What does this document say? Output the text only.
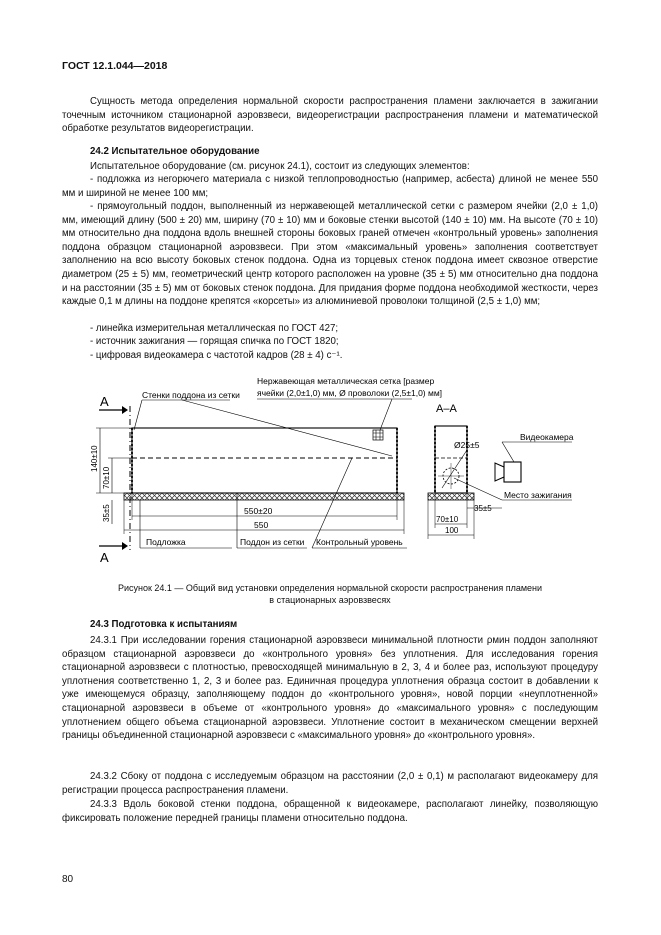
ГОСТ 12.1.044—2018
Сущность метода определения нормальной скорости распространения пламени заключается в зажигании точечным источником стационарной аэровзвеси, видеорегистрации распространения пламени и математической обработке результатов видеорегистрации.
24.2 Испытательное оборудование
Испытательное оборудование (см. рисунок 24.1), состоит из следующих элементов:
- подложка из негорючего материала с низкой теплопроводностью (например, асбеста) длиной не менее 550 мм и шириной не менее 100 мм;
- прямоугольный поддон, выполненный из нержавеющей металлической сетки с размером ячейки (2,0 ± 1,0) мм, имеющий длину (500 ± 20) мм, ширину (70 ± 10) мм и боковые стенки высотой (140 ± 10) мм. На высоте (70 ± 10) мм относительно дна поддона вдоль внешней стороны боковых граней отмечен «контрольный уровень» заполнения поддона образцом стационарной аэровзвеси. При этом «максимальный уровень» заполнения соответствует заполнению на всю высоту боковых стенок поддона. Одна из торцевых стенок поддона имеет сквозное отверстие диаметром (25 ± 5) мм, геометрический центр которого расположен на уровне (35 ± 5) мм относительно дна поддона и на расстоянии (35 ± 5) мм от боковых стенок поддона. Для придания форме поддона необходимой жесткости, через каждые 0,1 м длины на поддоне крепятся «корсеты» из алюминиевой проволоки толщиной (2,5 ± 1,0) мм;
- линейка измерительная металлическая по ГОСТ 427;
- источник зажигания — горящая спичка по ГОСТ 1820;
- цифровая видеокамера с частотой кадров (28 ± 4) с⁻¹.
А
А
Стенки поддона из сетки
Нержавеющая металлическая сетка [размер
ячейки (2,0±1,0) мм, Ø проволоки (2,5±1,0) мм]
140±10
70±10
35±5	550±20
550
Подложка	Поддон из сетки Контрольный уровень
А–А
Ø25±5
Видеокамера
Место зажигания
35±5
70±10
100
Рисунок 24.1 — Общий вид установки определения нормальной скорости распространения пламени
в стационарных аэровзвесях
24.3 Подготовка к испытаниям
24.3.1 При исследовании горения стационарной аэровзвеси минимальной плотности ρмин поддон заполняют образцом стационарной аэровзвеси до «контрольного уровня» без уплотнения. Для исследования горения стационарной аэровзвеси с плотностью, превосходящей минимальную в 2, 3, 4 и более раз, используют процедуру уплотнения соответственно 1, 2, 3 и более раз. Единичная процедура уплотнения образца состоит в добавлении к уже имеющемуся образцу, заполняющему поддон до «контрольного уровня», новой порции «неуплотненной» стационарной аэровзвеси в объеме от «контрольного уровня» до «максимального уровня» с последующим уплотнением общего объема стационарной аэровзвеси. Уплотнение состоит в механическом смещении верхней границы объединенной стационарной аэровзвеси с «максимального уровня» до «контрольного уровня».
24.3.2 Сбоку от поддона с исследуемым образцом на расстоянии (2,0 ± 0,1) м располагают видеокамеру для регистрации процесса распространения пламени.
24.3.3 Вдоль боковой стенки поддона, обращенной к видеокамере, располагают линейку, позволяющую фиксировать положение передней границы пламени относительно поддона.
80
